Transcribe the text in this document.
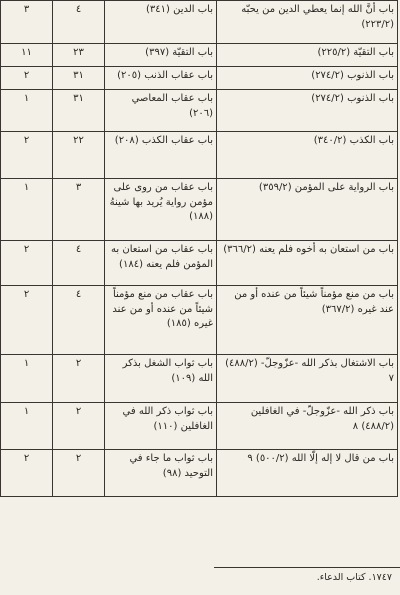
باب أنَّ الله إنما يعطي الدين من يحبّه (٢٢٣/٢)	باب الدين (٣٤١)	٤	٣
باب التقيّة (٢٢٥/٢)	باب التقيّة (٣٩٧)	٢٣	١١
باب الذنوب (٢٧٤/٢)	باب عقاب الذنب (٢٠٥)	٣١	٢
باب الذنوب (٢٧٤/٢)	باب عقاب المعاصي (٢٠٦)	٣١	١
باب الكذب (٣٤٠/٢)	باب عقاب الكذب (٢٠٨)	٢٢	٢
باب الرواية على المؤمن (٣٥٩/٢)	باب عقاب من روى على مؤمن رواية يُريد بها شينهُ (١٨٨)	٣	١
باب من استعان به أخوه فلم يعنه (٣٦٦/٢)	باب عقاب من استعان به المؤمن فلم يعنه (١٨٤)	٤	٢
باب من منع مؤمناً شيئاً من عنده أو من عند غيره (٣٦٧/٢)	باب عقاب من منع مؤمناً شيئاً من عنده أو من عند غيره (١٨٥)	٤	٢
باب الاشتغال بذكر الله -عزّوجلّ- (٤٨٨/٢) ٧	باب ثواب الشغل بذكر الله (١٠٩)	٢	١
باب ذكر الله -عزّوجلّ- في الغافلين (٤٨٨/٢) ٨	باب ثواب ذكر الله في الغافلين (١١٠)	٢	١
باب من قال لا إله إلّا الله (٥٠٠/٢) ٩	باب ثواب ما جاء في التوحيد (٩٨)	٢	٢
١٧٤٧. كتاب الدعاء.
